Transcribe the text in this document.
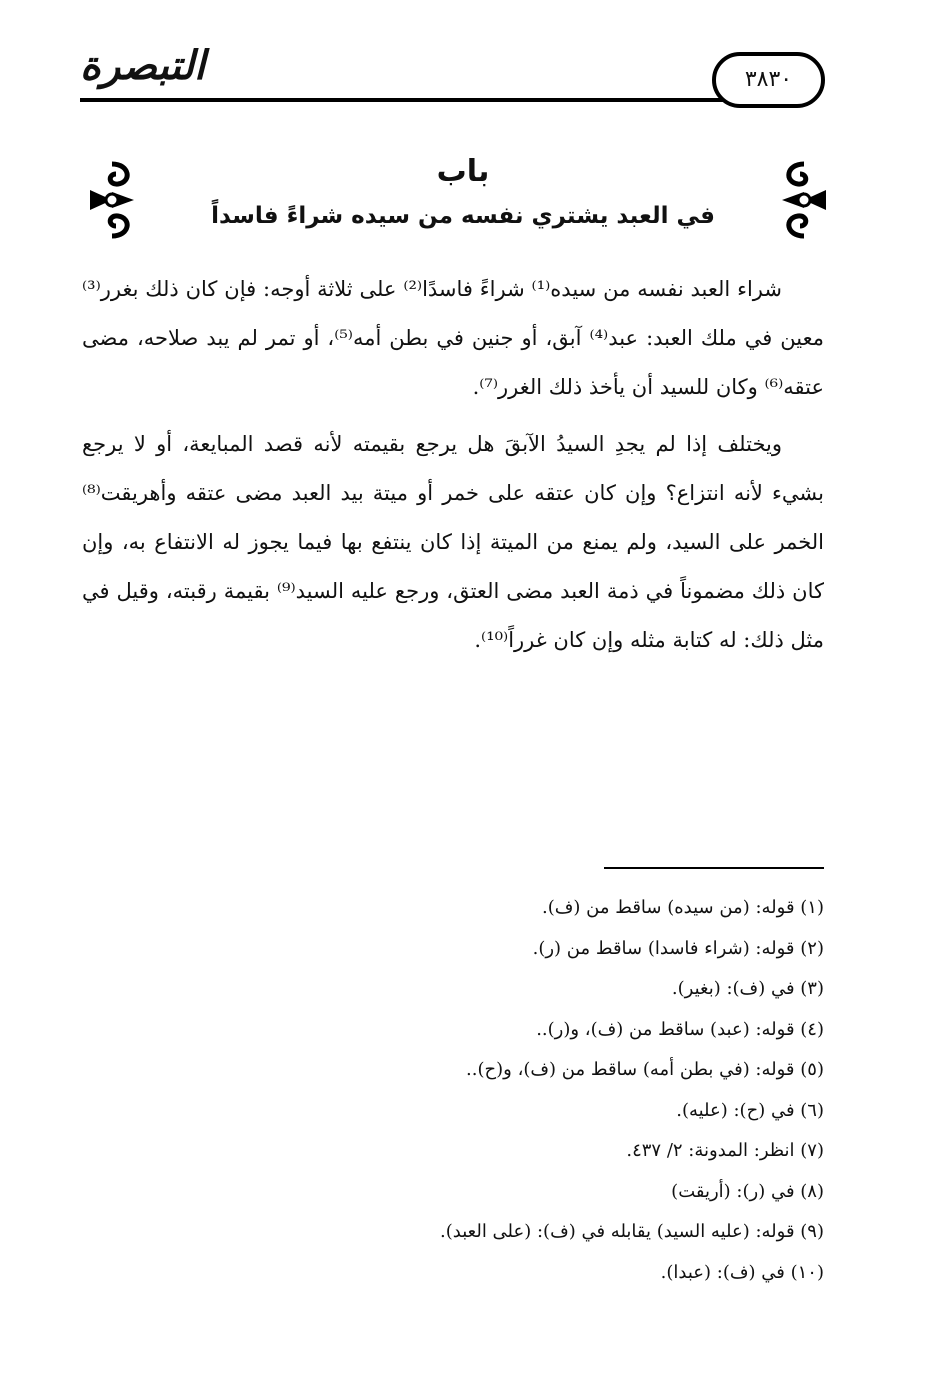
التبصرة	٣٨٣٠
باب
في العبد يشتري نفسه من سيده شراءً فاسداً

شراء العبد نفسه من سيده⁽¹⁾ شراءً فاسدًا⁽²⁾ على ثلاثة أوجه: فإن كان ذلك بغرر⁽³⁾ معين في ملك العبد: عبد⁽⁴⁾ آبق، أو جنين في بطن أمه⁽⁵⁾، أو تمر لم يبد صلاحه، مضى عتقه⁽⁶⁾ وكان للسيد أن يأخذ ذلك الغرر⁽⁷⁾.

ويختلف إذا لم يجدِ السيدُ الآبقَ هل يرجع بقيمته لأنه قصد المبايعة، أو لا يرجع بشيء لأنه انتزاع؟ وإن كان عتقه على خمر أو ميتة بيد العبد مضى عتقه وأهريقت⁽⁸⁾ الخمر على السيد، ولم يمنع من الميتة إذا كان ينتفع بها فيما يجوز له الانتفاع به، وإن كان ذلك مضموناً في ذمة العبد مضى العتق، ورجع عليه السيد⁽⁹⁾ بقيمة رقبته، وقيل في مثل ذلك: له كتابة مثله وإن كان غرراً⁽¹⁰⁾.

(١) قوله: (من سيده) ساقط من (ف).
(٢) قوله: (شراء فاسدا) ساقط من (ر).
(٣) في (ف): (بغير).
(٤) قوله: (عبد) ساقط من (ف)، و(ر)..
(٥) قوله: (في بطن أمه) ساقط من (ف)، و(ح)..
(٦) في (ح): (عليه).
(٧) انظر: المدونة: ٢/ ٤٣٧.
(٨) في (ر): (أريقت)
(٩) قوله: (عليه السيد) يقابله في (ف): (على العبد).
(١٠) في (ف): (عبدا).
